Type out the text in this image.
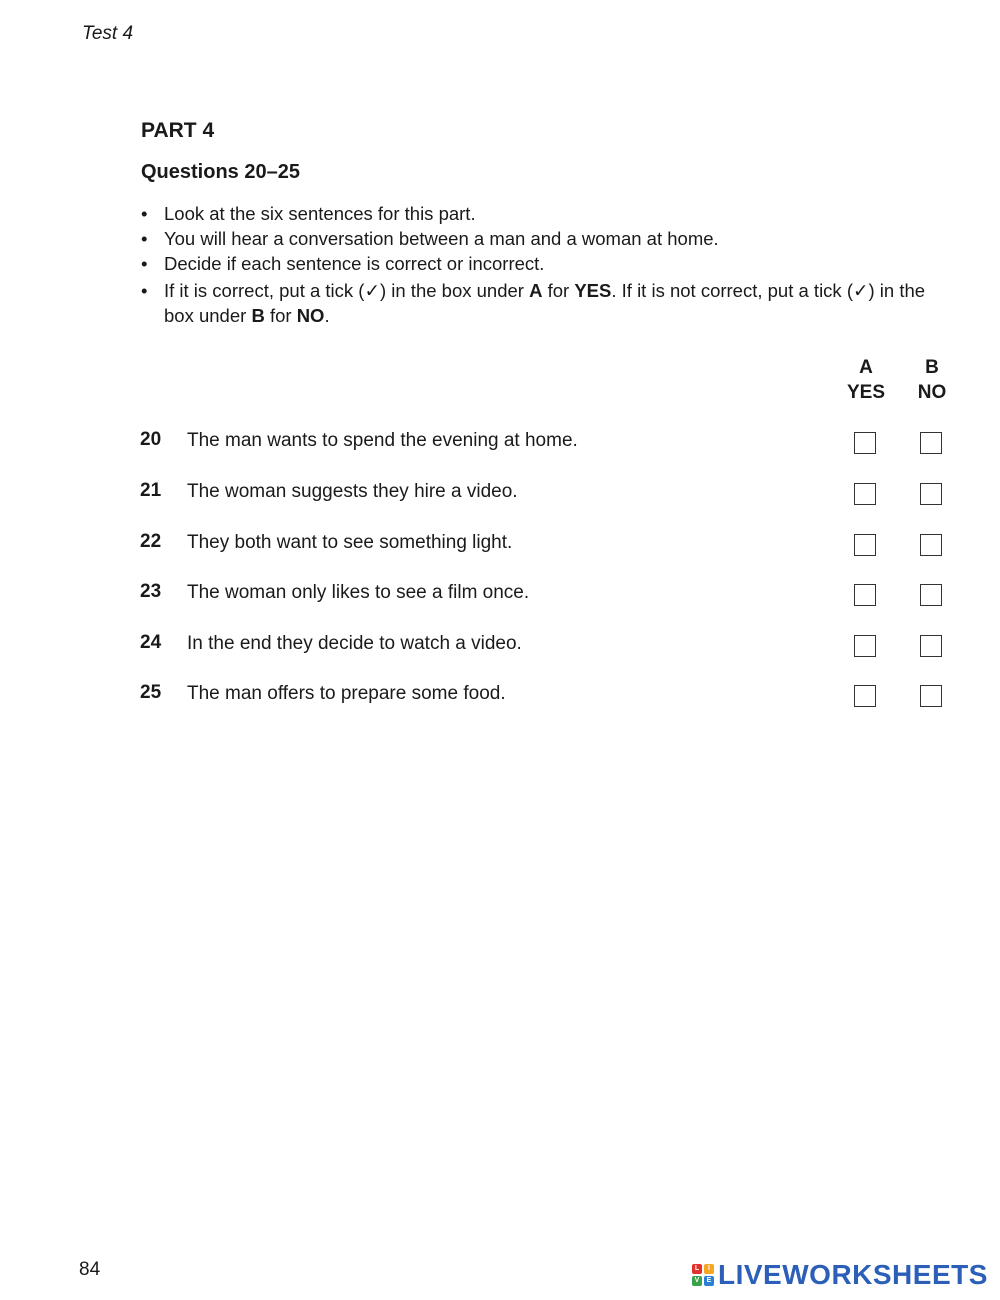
Test 4
PART 4
Questions 20–25
• Look at the six sentences for this part.
• You will hear a conversation between a man and a woman at home.
• Decide if each sentence is correct or incorrect.
• If it is correct, put a tick (✓) in the box under A for YES. If it is not correct, put a tick (✓) in the box under B for NO.
A
YES
B
NO
20 The man wants to spend the evening at home.
21 The woman suggests they hire a video.
22 They both want to see something light.
23 The woman only likes to see a film once.
24 In the end they decide to watch a video.
25 The man offers to prepare some food.
84	L	I
V	E LIVEWORKSHEETS
